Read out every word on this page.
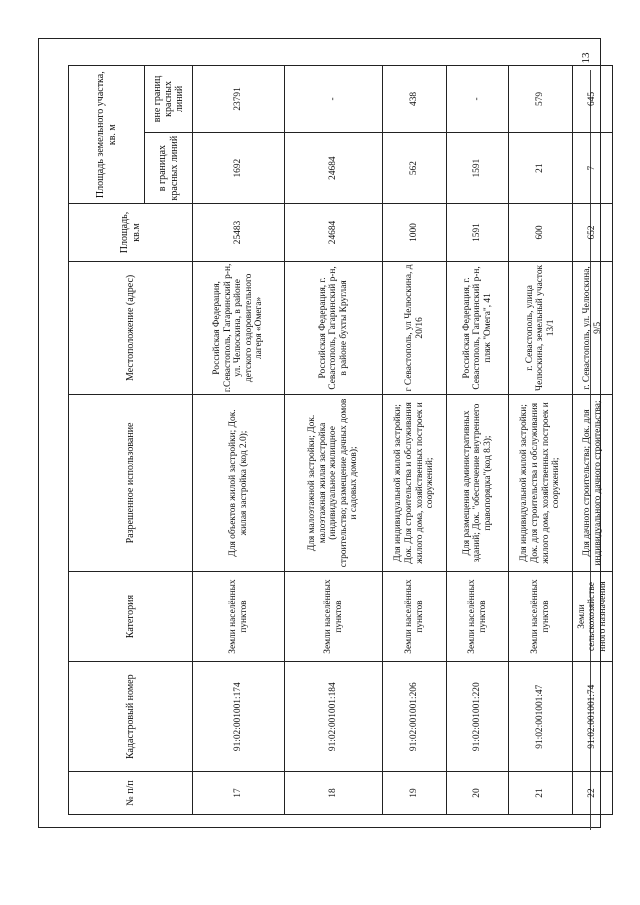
13
№ п/п	Кадастровый номер	Категория	Разрешенное использование	Местоположение (адрес)	Площадь, кв.м	Площадь земельного участка, кв. м	
						в границах красных линий	вне границ красных линий
17	91:02:001001:174	Земли населённых пунктов	Для объектов жилой застройки; Док. жилая застройка (код 2.0);	Российская Федерация, г.Севастополь, Гагаринский р-н, ул. Челюскина, в районе детского оздоровительного лагеря «Омега»	25483	1692	23791
18	91:02:001001:184	Земли населённых пунктов	Для малоэтажной застройки; Док. малоэтажная жилая застройка (индивидуальное жилищное строительство; размещение дачных домов и садовых домов);	Российская Федерация, г. Севастополь, Гагаринский р-н, в районе бухты Круглая	24684	24684	-
19	91:02:001001:206	Земли населённых пунктов	Для индивидуальной жилой застройки; Док. Для строительства и обслуживания жилого дома, хозяйственных построек и сооружений;	г Севастополь, ул Челюскина, д 20/16	1000	562	438
20	91:02:001001:220	Земли населённых пунктов	Для размещения административных зданий; Док. "обеспечение внутреннего правопорядка"(код 8.3);	Российская Федерация, г. Севастополь, Гагаринский р-н, пляж "Омега", 41	1591	1591	-
21	91:02:001001:47	Земли населённых пунктов	Для индивидуальной жилой застройки; Док. для строительства и обслуживания жилого дома, хозяйственных построек и сооружений;	г. Севастополь, улица Челюскина, земельный участок 13/1	600	21	579
22	91:02:001001:74	Земли сельскохозяйстве нного назначения	Для дачного строительства; Док. для индивидуального дачного строительства;	г. Севастополь, ул. Челюскина, 9/5	652	7	645
